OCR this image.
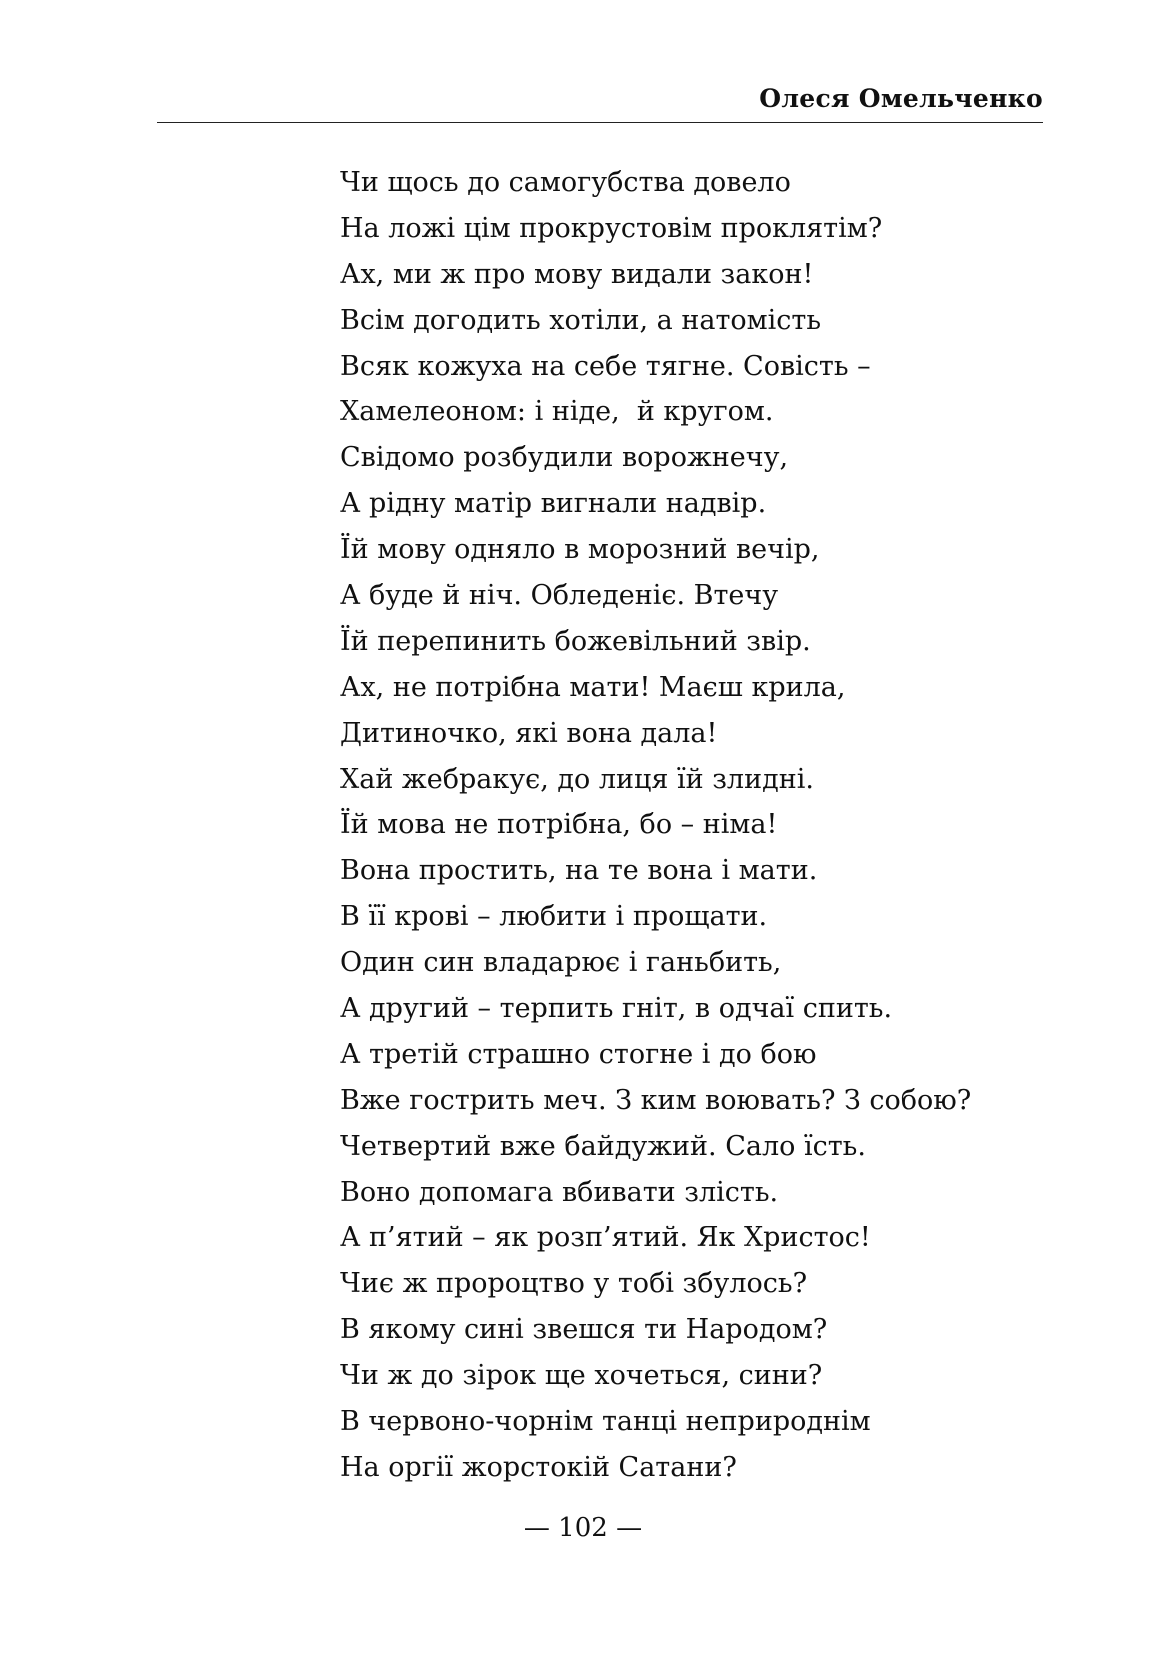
Олеся Омельченко
Чи щось до самогубства довело
На ложі цім прокрустовім проклятім?
Ах, ми ж про мову видали закон!
Всім догодить хотіли, а натомість
Всяк кожуха на себе тягне. Совість –
Хамелеоном: і ніде,  й кругом.
Свідомо розбудили ворожнечу,
А рідну матір вигнали надвір.
Їй мову одняло в морозний вечір,
А буде й ніч. Обледеніє. Втечу
Їй перепинить божевільний звір.
Ах, не потрібна мати! Маєш крила,
Дитиночко, які вона дала!
Хай жебракує, до лиця їй злидні.
Їй мова не потрібна, бо – німа!
Вона простить, на те вона і мати.
В її крові – любити і прощати.
Один син владарює і ганьбить,
А другий – терпить гніт, в одчаї спить.
А третій страшно стогне і до бою
Вже гострить меч. З ким воювать? З собою?
Четвертий вже байдужий. Сало їсть.
Воно допомага вбивати злість.
А п’ятий – як розп’ятий. Як Христос!
Чиє ж пророцтво у тобі збулось?
В якому сині звешся ти Народом?
Чи ж до зірок ще хочеться, сини?
В червоно-чорнім танці неприроднім
На оргії жорстокій Сатани?
— 102 —
